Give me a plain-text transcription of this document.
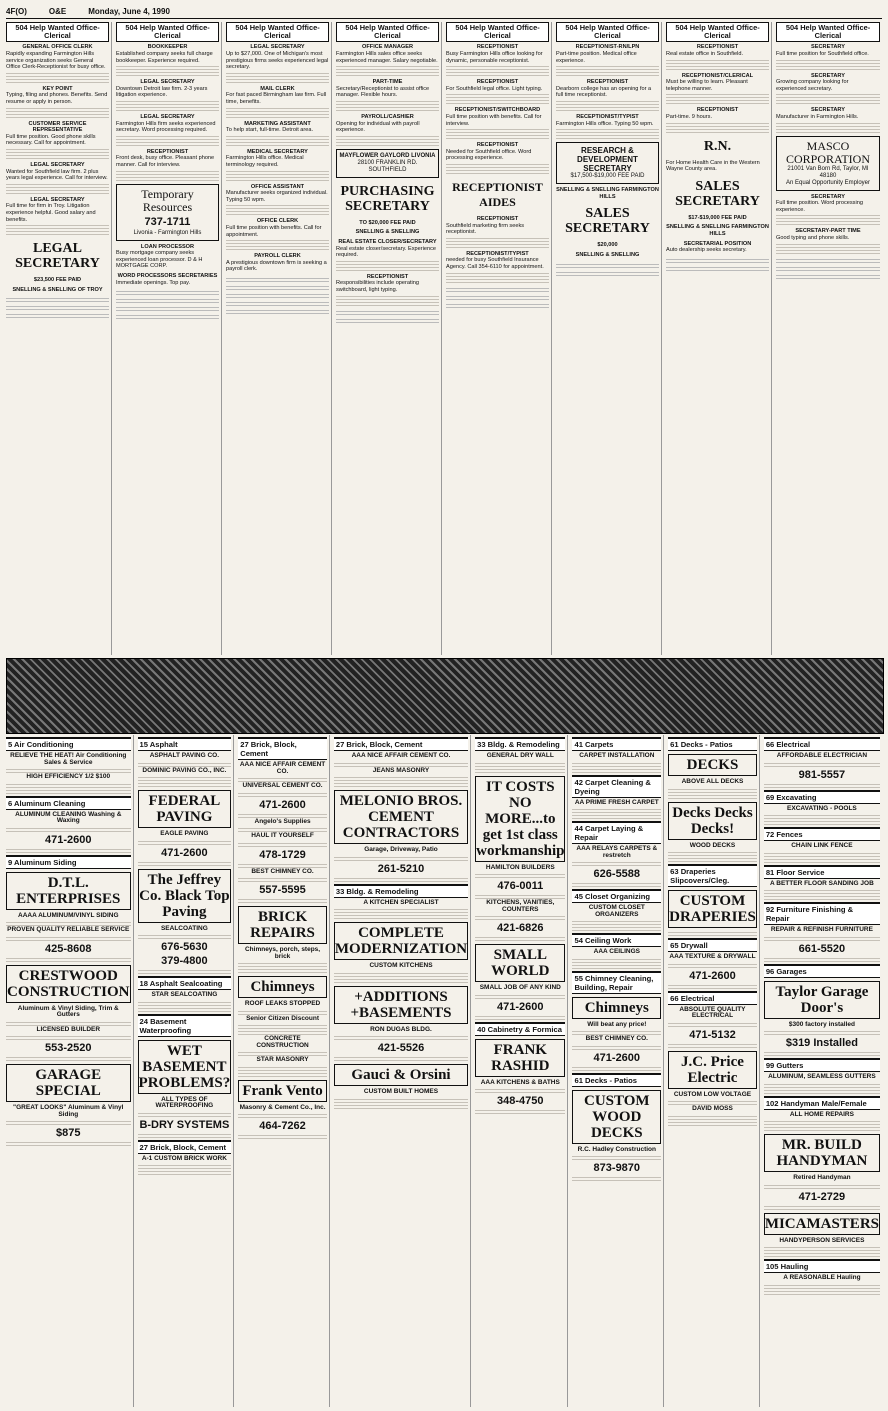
4F(O)	O&E	Monday, June 4, 1990
504 Help Wanted Office-Clerical
GENERAL OFFICE CLERK
Rapidly expanding Farmington Hills service organization seeks General Office Clerk-Receptionist for busy office.
KEY POINT
Typing, filing and phones. Benefits. Send resume or apply in person.
CUSTOMER SERVICE REPRESENTATIVE
Full time position. Good phone skills necessary. Call for appointment.
LEGAL SECRETARY
Wanted for Southfield law firm. 2 plus years legal experience. Call for interview.
LEGAL SECRETARY
Full time for firm in Troy. Litigation experience helpful. Good salary and benefits.
LEGAL SECRETARY
$23,500 FEE PAID
SNELLING & SNELLING OF TROY
504 Help Wanted Office-Clerical
BOOKKEEPER
Established company seeks full charge bookkeeper. Experience required.
LEGAL SECRETARY
Downtown Detroit law firm. 2-3 years litigation experience.
LEGAL SECRETARY
Farmington Hills firm seeks experienced secretary. Word processing required.
RECEPTIONIST
Front desk, busy office. Pleasant phone manner. Call for interview.
Temporary Resources
737-1711
Livonia - Farmington Hills
LOAN PROCESSOR
Busy mortgage company seeks experienced loan processor. D & H MORTGAGE CORP.
WORD PROCESSORS SECRETARIES
Immediate openings. Top pay.
504 Help Wanted Office-Clerical
LEGAL SECRETARY
Up to $27,000. One of Michigan's most prestigious firms seeks experienced legal secretary.
MAIL CLERK
For fast paced Birmingham law firm. Full time, benefits.
MARKETING ASSISTANT
To help start, full-time. Detroit area.
MEDICAL SECRETARY
Farmington Hills office. Medical terminology required.
OFFICE ASSISTANT
Manufacturer seeks organized individual. Typing 50 wpm.
OFFICE CLERK
Full time position with benefits. Call for appointment.
PAYROLL CLERK
A prestigious downtown firm is seeking a payroll clerk.
504 Help Wanted Office-Clerical
OFFICE MANAGER
Farmington Hills sales office seeks experienced manager. Salary negotiable.
PART-TIME
Secretary/Receptionist to assist office manager. Flexible hours.
PAYROLL/CASHIER
Opening for individual with payroll experience.
MAYFLOWER GAYLORD LIVONIA
28100 FRANKLIN RD. SOUTHFIELD
PURCHASING SECRETARY
TO $20,000 FEE PAID
SNELLING & SNELLING
REAL ESTATE CLOSER/SECRETARY
Real estate closer/secretary. Experience required.
RECEPTIONIST
Responsibilities include operating switchboard, light typing.
504 Help Wanted Office-Clerical
RECEPTIONIST
Busy Farmington Hills office looking for dynamic, personable receptionist.
RECEPTIONIST
For Southfield legal office. Light typing.
RECEPTIONIST/SWITCHBOARD
Full time position with benefits. Call for interview.
RECEPTIONIST
Needed for Southfield office. Word processing experience.
RECEPTIONIST AIDES
RECEPTIONIST
Southfield marketing firm seeks receptionist.
RECEPTIONIST/TYPIST
needed for busy Southfield Insurance Agency. Call 354-6110 for appointment.
504 Help Wanted Office-Clerical
RECEPTIONIST-RN/LPN
Part-time position. Medical office experience.
RECEPTIONIST
Dearborn college has an opening for a full time receptionist.
RECEPTIONIST/TYPIST
Farmington Hills office. Typing 50 wpm.
RESEARCH & DEVELOPMENT SECRETARY
$17,500-$19,000 FEE PAID
SNELLING & SNELLING FARMINGTON HILLS
SALES SECRETARY
$20,000
SNELLING & SNELLING
504 Help Wanted Office-Clerical
RECEPTIONIST
Real estate office in Southfield.
RECEPTIONIST/CLERICAL
Must be willing to learn. Pleasant telephone manner.
RECEPTIONIST
Part-time. 9 hours.
R.N.
For Home Health Care in the Western Wayne County area.
SALES SECRETARY
$17-$19,000 FEE PAID
SNELLING & SNELLING FARMINGTON HILLS
SECRETARIAL POSITION
Auto dealership seeks secretary.
504 Help Wanted Office-Clerical
SECRETARY
Full time position for Southfield office.
SECRETARY
Growing company looking for experienced secretary.
SECRETARY
Manufacturer in Farmington Hills.
MASCO CORPORATION
21001 Van Born Rd, Taylor, MI 48180
An Equal Opportunity Employer
SECRETARY
Full time position. Word processing experience.
SECRETARY-PART TIME
Good typing and phone skills.
5 Air Conditioning
RELIEVE THE HEAT! Air Conditioning Sales & Service
HIGH EFFICIENCY 1/2 $100
6 Aluminum Cleaning
ALUMINUM CLEANING Washing & Waxing
471-2600
9 Aluminum Siding
D.T.L. ENTERPRISES
AAAA ALUMINUM/VINYL SIDING
PROVEN QUALITY RELIABLE SERVICE
425-8608
CRESTWOOD CONSTRUCTION
Aluminum & Vinyl Siding, Trim & Gutters
LICENSED BUILDER
553-2520
GARAGE SPECIAL
"GREAT LOOKS" Aluminum & Vinyl Siding
$875
15 Asphalt
ASPHALT PAVING CO.
DOMINIC PAVING CO., INC.
FEDERAL PAVING
EAGLE PAVING
471-2600
The Jeffrey Co. Black Top Paving
SEALCOATING
676-5630
379-4800
18 Asphalt Sealcoating
STAR SEALCOATING
24 Basement Waterproofing
WET BASEMENT PROBLEMS?
ALL TYPES OF WATERPROOFING
B-DRY SYSTEMS
27 Brick, Block, Cement
A-1 CUSTOM BRICK WORK
27 Brick, Block, Cement
AAA NICE AFFAIR CEMENT CO.
UNIVERSAL CEMENT CO.
471-2600
Angelo's Supplies
HAUL IT YOURSELF
478-1729
BEST CHIMNEY CO.
557-5595
BRICK REPAIRS
Chimneys, porch, steps, brick
Chimneys
ROOF LEAKS STOPPED
Senior Citizen Discount
CONCRETE CONSTRUCTION
STAR MASONRY
Frank Vento
Masonry & Cement Co., Inc.
464-7262
27 Brick, Block, Cement
AAA NICE AFFAIR CEMENT CO.
JEANS MASONRY
MELONIO BROS. CEMENT CONTRACTORS
Garage, Driveway, Patio
261-5210
33 Bldg. & Remodeling
A KITCHEN SPECIALIST
COMPLETE MODERNIZATION
CUSTOM KITCHENS
+ADDITIONS +BASEMENTS
RON DUGAS BLDG.
421-5526
Gauci & Orsini
CUSTOM BUILT HOMES
33 Bldg. & Remodeling
GENERAL DRY WALL
IT COSTS NO MORE...to get 1st class workmanship
HAMILTON BUILDERS
476-0011
KITCHENS, VANITIES, COUNTERS
421-6826
SMALL WORLD
SMALL JOB OF ANY KIND
471-2600
40 Cabinetry & Formica
FRANK RASHID
AAA KITCHENS & BATHS
348-4750
41 Carpets
CARPET INSTALLATION
42 Carpet Cleaning & Dyeing
AA PRIME FRESH CARPET
44 Carpet Laying & Repair
AAA RELAYS CARPETS & restretch
626-5588
45 Closet Organizing
CUSTOM CLOSET ORGANIZERS
54 Ceiling Work
AAA CEILINGS
55 Chimney Cleaning, Building, Repair
Chimneys
Will beat any price!
BEST CHIMNEY CO.
471-2600
61 Decks - Patios
CUSTOM WOOD DECKS
R.C. Hadley Construction
873-9870
61 Decks - Patios
DECKS
ABOVE ALL DECKS
Decks Decks Decks!
WOOD DECKS
63 Draperies Slipcovers/Cleg.
CUSTOM DRAPERIES
65 Drywall
AAA TEXTURE & DRYWALL
471-2600
66 Electrical
ABSOLUTE QUALITY ELECTRICAL
471-5132
J.C. Price Electric
CUSTOM LOW VOLTAGE
DAVID MOSS
66 Electrical
AFFORDABLE ELECTRICIAN
981-5557
69 Excavating
EXCAVATING - POOLS
72 Fences
CHAIN LINK FENCE
81 Floor Service
A BETTER FLOOR SANDING JOB
92 Furniture Finishing & Repair
REPAIR & REFINISH FURNITURE
661-5520
96 Garages
Taylor Garage Door's
$300 factory installed
$319 Installed
99 Gutters
ALUMINUM, SEAMLESS GUTTERS
102 Handyman Male/Female
ALL HOME REPAIRS
MR. BUILD HANDYMAN
Retired Handyman
471-2729
MICAMASTERS
HANDYPERSON SERVICES
105 Hauling
A REASONABLE Hauling
